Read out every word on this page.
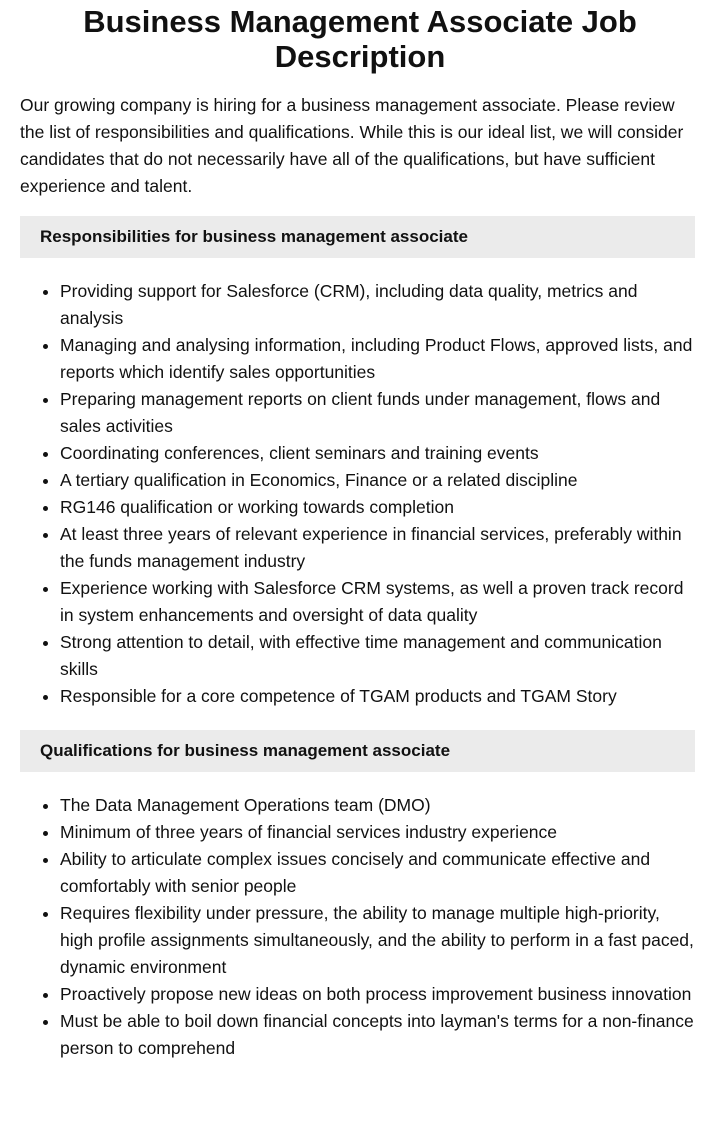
Business Management Associate Job Description

Our growing company is hiring for a business management associate. Please review the list of responsibilities and qualifications. While this is our ideal list, we will consider candidates that do not necessarily have all of the qualifications, but have sufficient experience and talent.

Responsibilities for business management associate
• Providing support for Salesforce (CRM), including data quality, metrics and analysis
• Managing and analysing information, including Product Flows, approved lists, and reports which identify sales opportunities
• Preparing management reports on client funds under management, flows and sales activities
• Coordinating conferences, client seminars and training events
• A tertiary qualification in Economics, Finance or a related discipline
• RG146 qualification or working towards completion
• At least three years of relevant experience in financial services, preferably within the funds management industry
• Experience working with Salesforce CRM systems, as well a proven track record in system enhancements and oversight of data quality
• Strong attention to detail, with effective time management and communication skills
• Responsible for a core competence of TGAM products and TGAM Story
Qualifications for business management associate
• The Data Management Operations team (DMO)
• Minimum of three years of financial services industry experience
• Ability to articulate complex issues concisely and communicate effective and comfortably with senior people
• Requires flexibility under pressure, the ability to manage multiple high-priority, high profile assignments simultaneously, and the ability to perform in a fast paced, dynamic environment
• Proactively propose new ideas on both process improvement business innovation
• Must be able to boil down financial concepts into layman's terms for a non-finance person to comprehend
